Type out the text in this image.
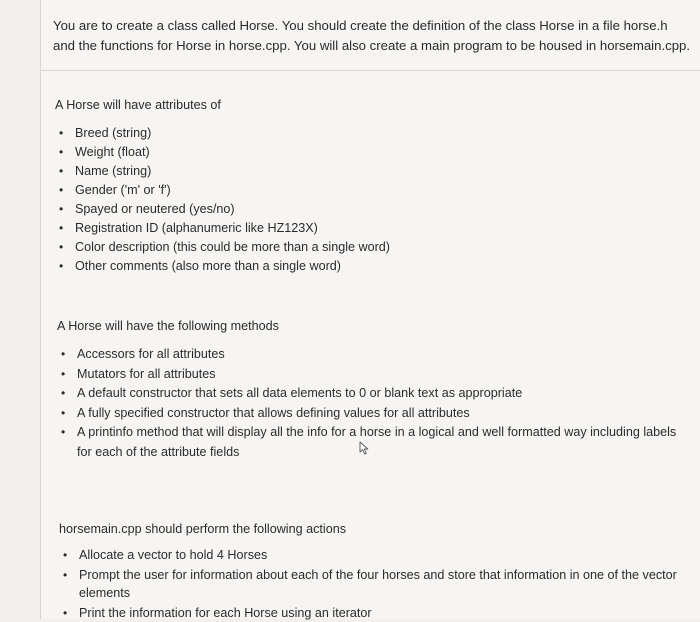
You are to create a class called Horse. You should create the definition of the class Horse in a file horse.h and the functions for Horse in horse.cpp. You will also create a main program to be housed in horsemain.cpp.

A Horse will have attributes of

• Breed (string)
• Weight (float)
• Name (string)
• Gender ('m' or 'f')
• Spayed or neutered (yes/no)
• Registration ID (alphanumeric like HZ123X)
• Color description (this could be more than a single word)
• Other comments (also more than a single word)

A Horse will have the following methods

• Accessors for all attributes
• Mutators for all attributes
• A default constructor that sets all data elements to 0 or blank text as appropriate
• A fully specified constructor that allows defining values for all attributes
• A printinfo method that will display all the info for a horse in a logical and well formatted way including labels for each of the attribute fields

horsemain.cpp should perform the following actions

• Allocate a vector to hold 4 Horses
• Prompt the user for information about each of the four horses and store that information in one of the vector elements
• Print the information for each Horse using an iterator
